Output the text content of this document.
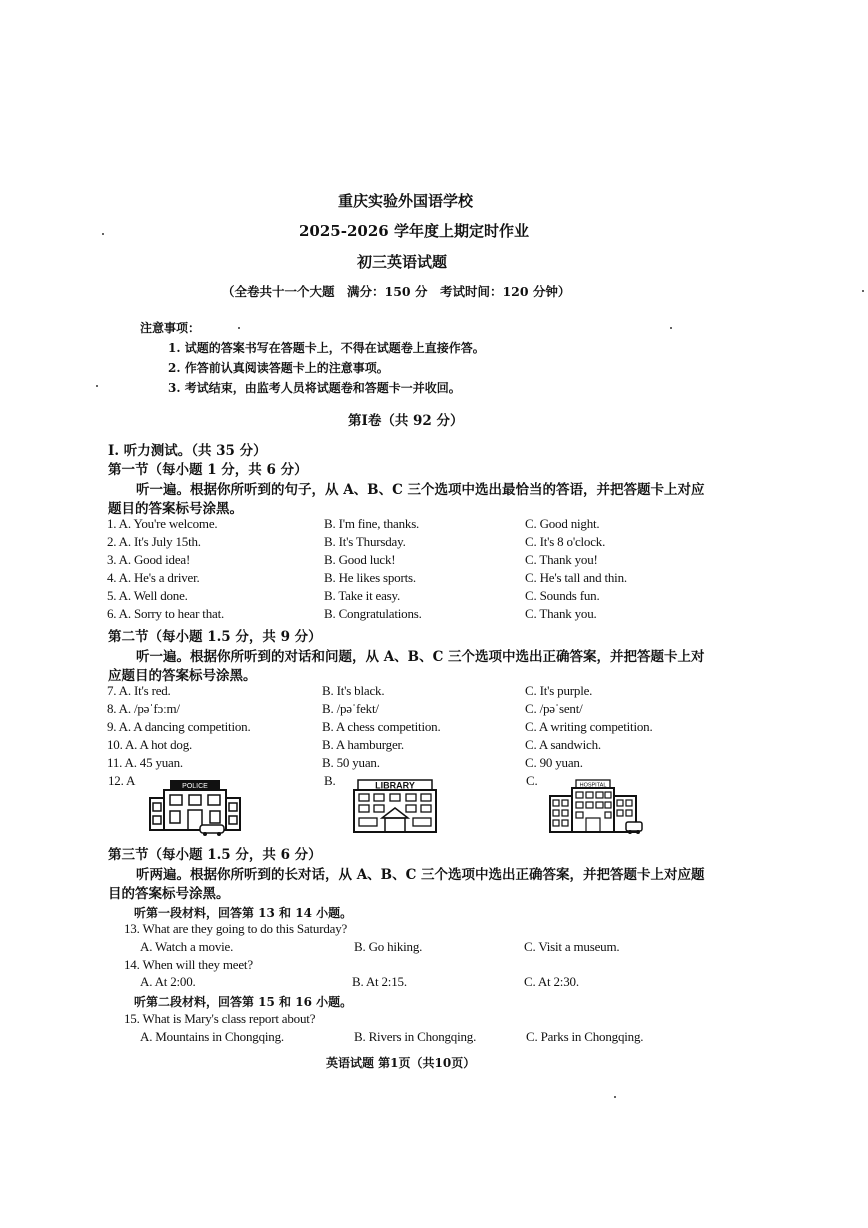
重庆实验外国语学校
2025-2026 学年度上期定时作业
初三英语试题
（全卷共十一个大题　满分：150 分　考试时间：120 分钟）
注意事项：
1. 试题的答案书写在答题卡上，不得在试题卷上直接作答。
2. 作答前认真阅读答题卡上的注意事项。
3. 考试结束，由监考人员将试题卷和答题卡一并收回。
第Ⅰ卷（共 92 分）
I. 听力测试。（共 35 分）
第一节（每小题 1 分，共 6 分）
听一遍。根据你所听到的句子，从 A、B、C 三个选项中选出最恰当的答语，并把答题卡上对应
题目的答案标号涂黑。
1. A. You're welcome.	B. I'm fine, thanks.	C. Good night.
2. A. It's July 15th.	B. It's Thursday.	C. It's 8 o'clock.
3. A. Good idea!	B. Good luck!	C. Thank you!
4. A. He's a driver.	B. He likes sports.	C. He's tall and thin.
5. A. Well done.	B. Take it easy.	C. Sounds fun.
6. A. Sorry to hear that.	B. Congratulations.	C. Thank you.
第二节（每小题 1.5 分，共 9 分）
听一遍。根据你所听到的对话和问题，从 A、B、C 三个选项中选出正确答案，并把答题卡上对
应题目的答案标号涂黑。
7. A. It's red.	B. It's black.	C. It's purple.
8. A. /pəˈfɔːm/	B. /pəˈfekt/	C. /pəˈsent/
9. A. A dancing competition.	B. A chess competition.	C. A writing competition.
10. A. A hot dog.	B. A hamburger.	C. A sandwich.
11. A. 45 yuan.	B. 50 yuan.	C. 90 yuan.
12. A	B.	C.
POLICE	LIBRARY	HOSPITAL
第三节（每小题 1.5 分，共 6 分）
听两遍。根据你所听到的长对话，从 A、B、C 三个选项中选出正确答案，并把答题卡上对应题
目的答案标号涂黑。
听第一段材料，回答第 13 和 14 小题。
13. What are they going to do this Saturday?
A. Watch a movie.	B. Go hiking.	C. Visit a museum.
14. When will they meet?
A. At 2:00.	B. At 2:15.	C. At 2:30.
听第二段材料，回答第 15 和 16 小题。
15. What is Mary's class report about?
A. Mountains in Chongqing.	B. Rivers in Chongqing.	C. Parks in Chongqing.
英语试题 第1页（共10页）
